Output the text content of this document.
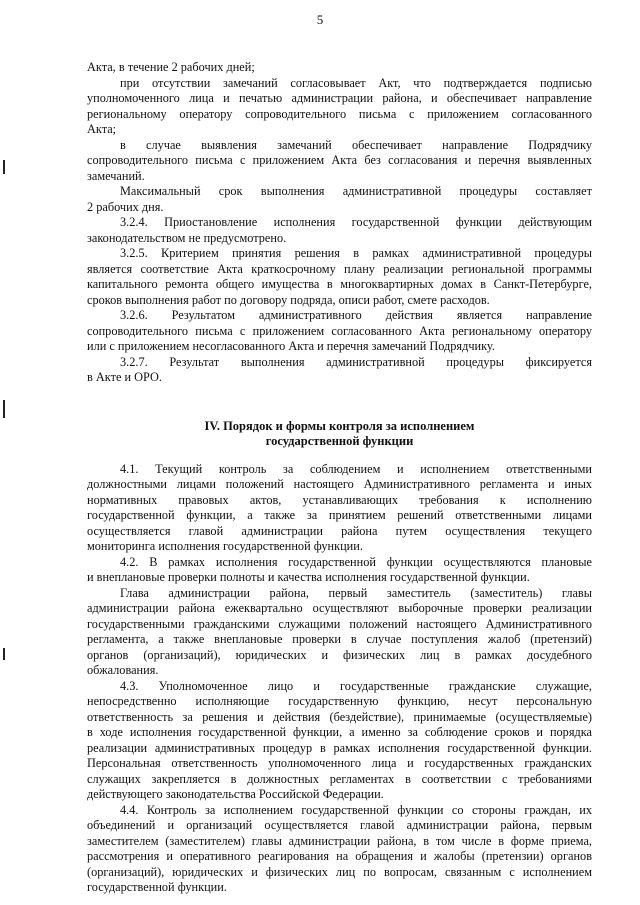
5

Акта, в течение 2 рабочих дней;

при отсутствии замечаний согласовывает Акт, что подтверждается подписью
уполномоченного лица и печатью администрации района, и обеспечивает направление
региональному оператору сопроводительного письма с приложением согласованного
Акта;

в случае выявления замечаний обеспечивает направление Подрядчику
сопроводительного письма с приложением Акта без согласования и перечня выявленных
замечаний.

Максимальный срок выполнения административной процедуры составляет
2 рабочих дня.

3.2.4. Приостановление исполнения государственной функции действующим
законодательством не предусмотрено.

3.2.5. Критерием принятия решения в рамках административной процедуры
является соответствие Акта краткосрочному плану реализации региональной программы
капитального ремонта общего имущества в многоквартирных домах в Санкт-Петербурге,
сроков выполнения работ по договору подряда, описи работ, смете расходов.

3.2.6. Результатом административного действия является направление
сопроводительного письма с приложением согласованного Акта региональному оператору
или с приложением несогласованного Акта и перечня замечаний Подрядчику.

3.2.7. Результат выполнения административной процедуры фиксируется
в Акте и ОРО.

IV. Порядок и формы контроля за исполнением
государственной функции

4.1. Текущий контроль за соблюдением и исполнением ответственными
должностными лицами положений настоящего Административного регламента и иных
нормативных правовых актов, устанавливающих требования к исполнению
государственной функции, а также за принятием решений ответственными лицами
осуществляется главой администрации района путем осуществления текущего
мониторинга исполнения государственной функции.

4.2. В рамках исполнения государственной функции осуществляются плановые
и внеплановые проверки полноты и качества исполнения государственной функции.

Глава администрации района, первый заместитель (заместитель) главы
администрации района ежеквартально осуществляют выборочные проверки реализации
государственными гражданскими служащими положений настоящего Административного
регламента, а также внеплановые проверки в случае поступления жалоб (претензий)
органов (организаций), юридических и физических лиц в рамках досудебного
обжалования.

4.3. Уполномоченное лицо и государственные гражданские служащие,
непосредственно исполняющие государственную функцию, несут персональную
ответственность за решения и действия (бездействие), принимаемые (осуществляемые)
в ходе исполнения государственной функции, а именно за соблюдение сроков и порядка
реализации административных процедур в рамках исполнения государственной функции.
Персональная ответственность уполномоченного лица и государственных гражданских
служащих закрепляется в должностных регламентах в соответствии с требованиями
действующего законодательства Российской Федерации.

4.4. Контроль за исполнением государственной функции со стороны граждан, их
объединений и организаций осуществляется главой администрации района, первым
заместителем (заместителем) главы администрации района, в том числе в форме приема,
рассмотрения и оперативного реагирования на обращения и жалобы (претензии) органов
(организаций), юридических и физических лиц по вопросам, связанным с исполнением
государственной функции.
